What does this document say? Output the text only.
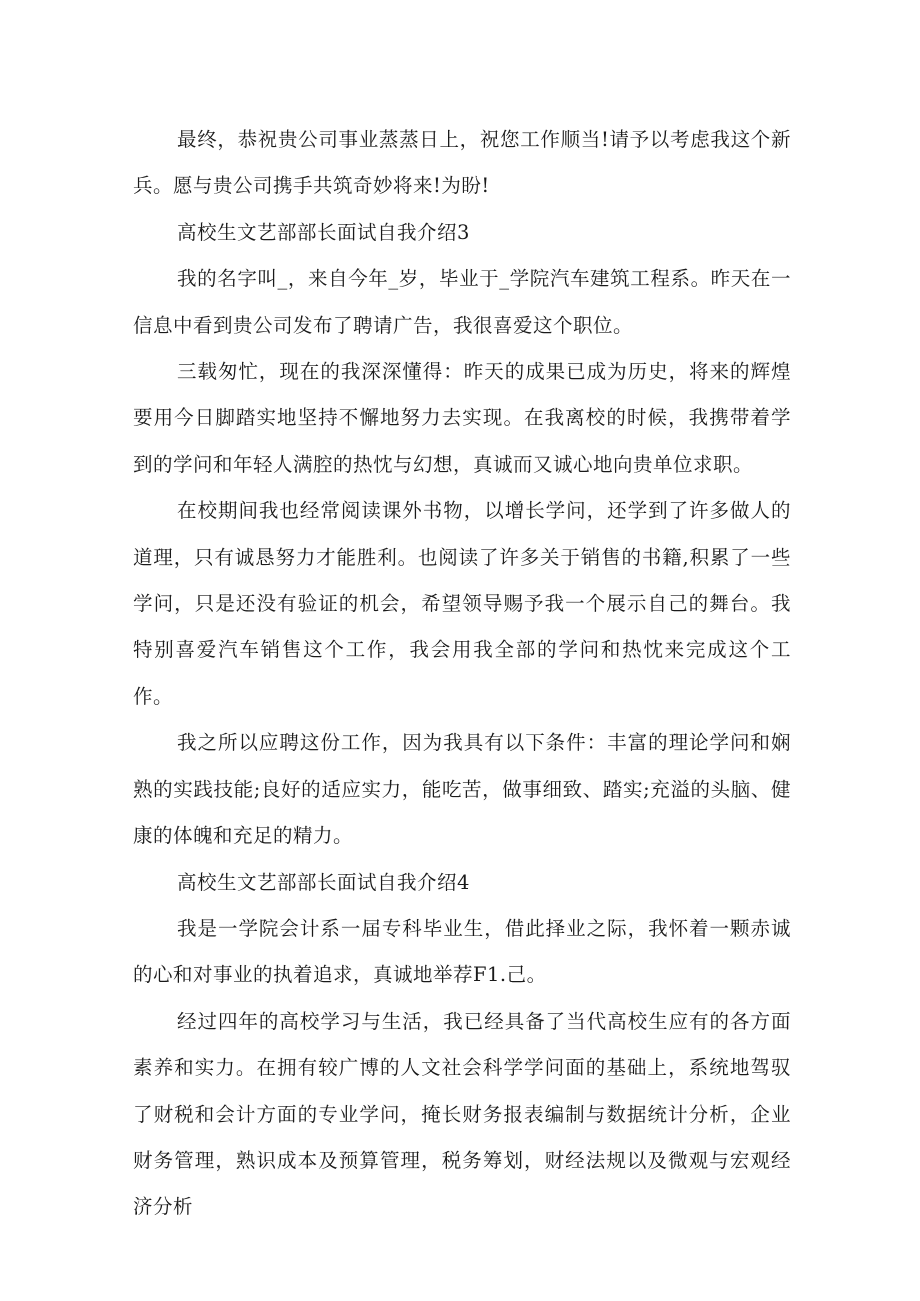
最终，恭祝贵公司事业蒸蒸日上，祝您工作顺当!请予以考虑我这个新兵。愿与贵公司携手共筑奇妙将来!为盼!

高校生文艺部部长面试自我介绍3

我的名字叫_，来自今年_岁，毕业于_学院汽车建筑工程系。昨天在一信息中看到贵公司发布了聘请广告，我很喜爱这个职位。

三载匆忙，现在的我深深懂得：昨天的成果已成为历史，将来的辉煌要用今日脚踏实地坚持不懈地努力去实现。在我离校的时候，我携带着学到的学问和年轻人满腔的热忱与幻想，真诚而又诚心地向贵单位求职。

在校期间我也经常阅读课外书物，以增长学问，还学到了许多做人的道理，只有诚恳努力才能胜利。也阅读了许多关于销售的书籍,积累了一些学问，只是还没有验证的机会，希望领导赐予我一个展示自己的舞台。我特别喜爱汽车销售这个工作，我会用我全部的学问和热忱来完成这个工作。

我之所以应聘这份工作，因为我具有以下条件：丰富的理论学问和娴熟的实践技能;良好的适应实力，能吃苦，做事细致、踏实;充溢的头脑、健康的体魄和充足的精力。

高校生文艺部部长面试自我介绍4

我是一学院会计系一届专科毕业生，借此择业之际，我怀着一颗赤诚的心和对事业的执着追求，真诚地举荐F1.己。

经过四年的高校学习与生活，我已经具备了当代高校生应有的各方面素养和实力。在拥有较广博的人文社会科学学问面的基础上，系统地驾驭了财税和会计方面的专业学问，掩长财务报表编制与数据统计分析，企业财务管理，熟识成本及预算管理，税务筹划，财经法规以及微观与宏观经济分析
